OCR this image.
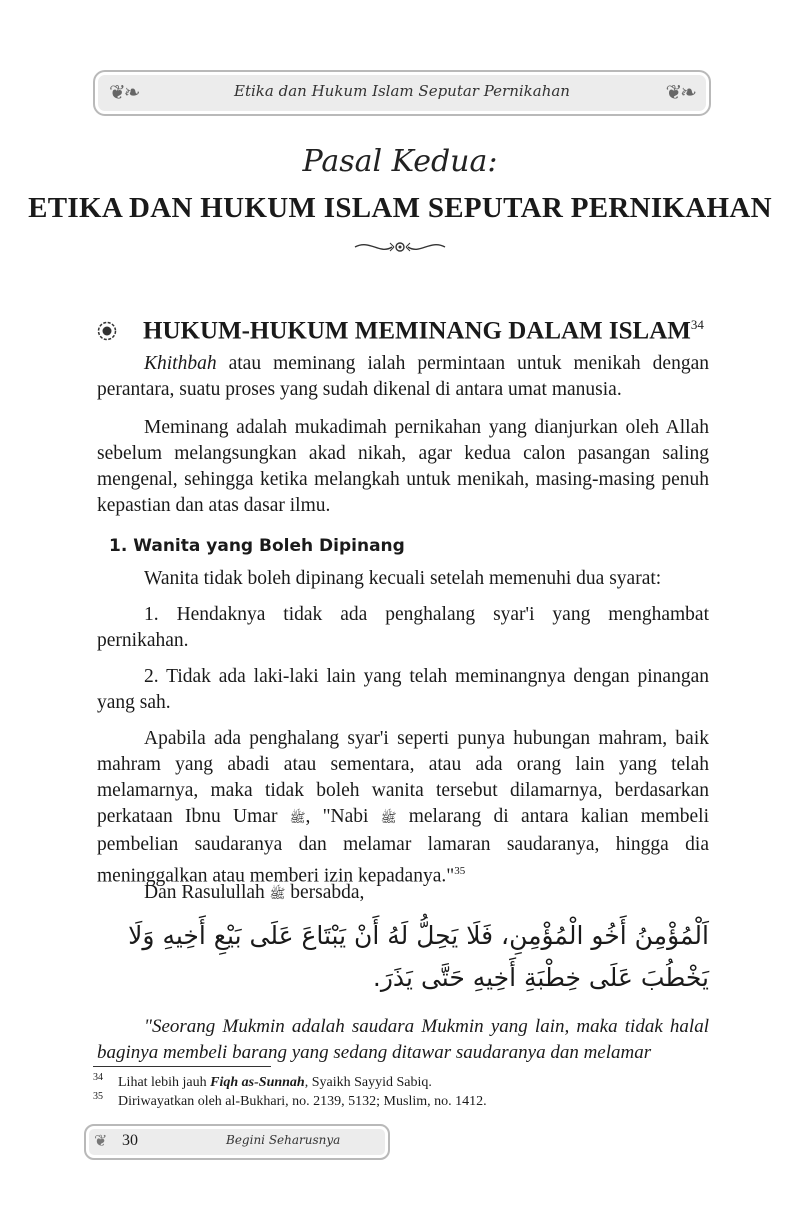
❦❧	Etika dan Hukum Islam Seputar Pernikahan	❦❧
Pasal Kedua:
ETIKA DAN HUKUM ISLAM SEPUTAR PERNIKAHAN
HUKUM-HUKUM MEMINANG DALAM ISLAM$^{34}$
Khithbah atau meminang ialah permintaan untuk menikah dengan perantara, suatu proses yang sudah dikenal di antara umat manusia.
Meminang adalah mukadimah pernikahan yang dianjurkan oleh Allah sebelum melangsungkan akad nikah, agar kedua calon pasangan saling mengenal, sehingga ketika melangkah untuk menikah, masing-masing penuh kepastian dan atas dasar ilmu.
1. Wanita yang Boleh Dipinang
Wanita tidak boleh dipinang kecuali setelah memenuhi dua syarat:
1. Hendaknya tidak ada penghalang syar'i yang menghambat pernikahan.
2. Tidak ada laki-laki lain yang telah meminangnya dengan pinangan yang sah.
Apabila ada penghalang syar'i seperti punya hubungan mahram, baik mahram yang abadi atau sementara, atau ada orang lain yang telah melamarnya, maka tidak boleh wanita tersebut dilamarnya, berdasarkan perkataan Ibnu Umar ﷺ, "Nabi ﷺ melarang di antara kalian membeli pembelian saudaranya dan melamar lamaran saudaranya, hingga dia meninggalkan atau memberi izin kepadanya."$^{35}$
Dan Rasulullah ﷺ bersabda,
اَلْمُؤْمِنُ أَخُو الْمُؤْمِنِ، فَلَا يَحِلُّ لَهُ أَنْ يَبْتَاعَ عَلَى بَيْعِ أَخِيهِ وَلَا يَخْطُبَ عَلَى خِطْبَةِ أَخِيهِ حَتَّى يَذَرَ.
"Seorang Mukmin adalah saudara Mukmin yang lain, maka tidak halal baginya membeli barang yang sedang ditawar saudaranya dan melamar
34 Lihat lebih jauh Fiqh as-Sunnah, Syaikh Sayyid Sabiq.
35 Diriwayatkan oleh al-Bukhari, no. 2139, 5132; Muslim, no. 1412.
❦ 30	Begini Seharusnya
